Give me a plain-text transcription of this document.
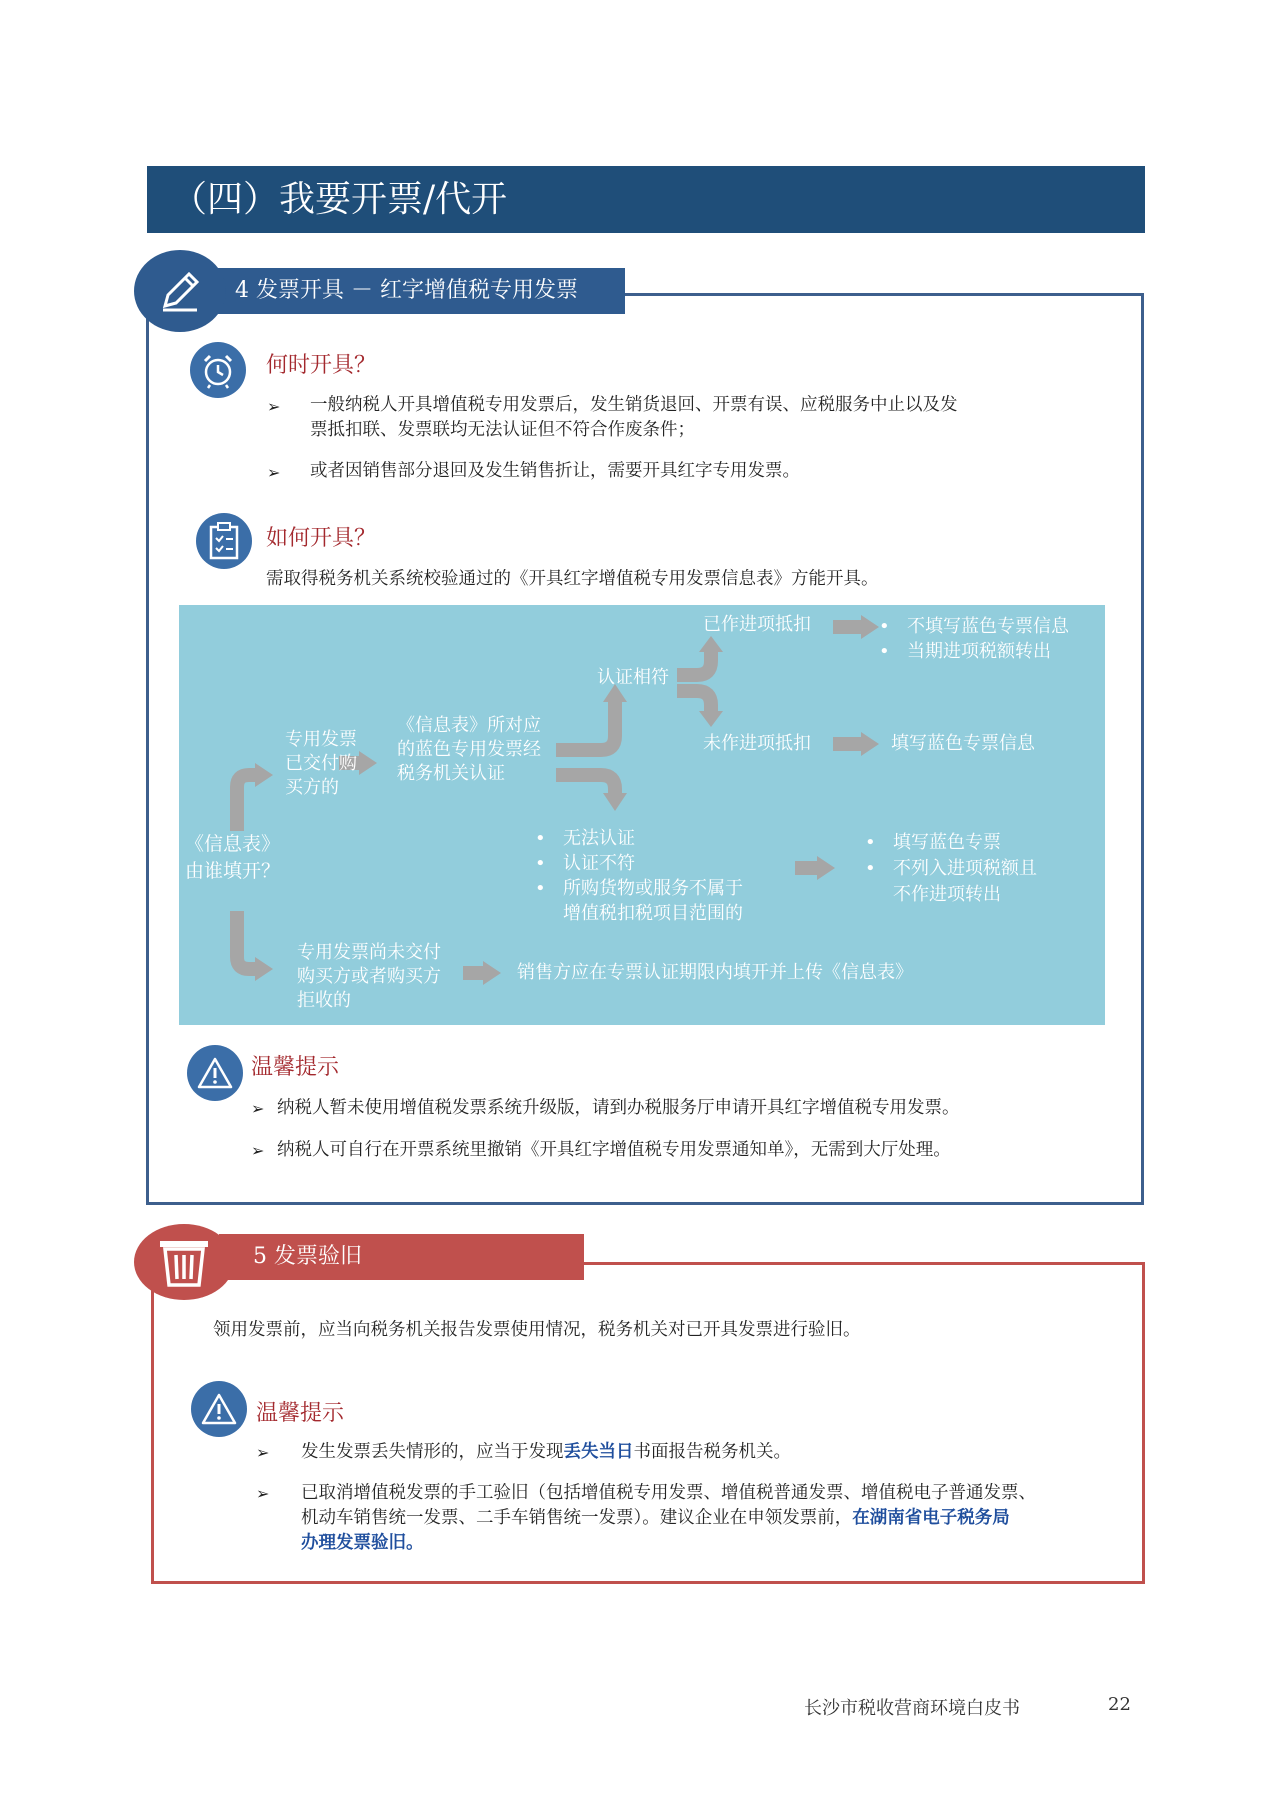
（四）我要开票/代开
4 发票开具 － 红字增值税专用发票
何时开具？
➢ 一般纳税人开具增值税专用发票后，发生销货退回、开票有误、应税服务中止以及发
票抵扣联、发票联均无法认证但不符合作废条件；
➢ 或者因销售部分退回及发生销售折让，需要开具红字专用发票。
如何开具？
需取得税务机关系统校验通过的《开具红字增值税专用发票信息表》方能开具。
《信息表》
由谁填开？
专用发票
已交付购
买方的
《信息表》所对应
的蓝色专用发票经
税务机关认证
认证相符
已作进项抵扣	• 不填写蓝色专票信息
• 当期进项税额转出
未作进项抵扣	填写蓝色专票信息
• 无法认证
• 认证不符
• 所购货物或服务不属于
增值税扣税项目范围的
• 填写蓝色专票
• 不列入进项税额且
不作进项转出
专用发票尚未交付
购买方或者购买方
拒收的
销售方应在专票认证期限内填开并上传《信息表》
温馨提示
➢ 纳税人暂未使用增值税发票系统升级版，请到办税服务厅申请开具红字增值税专用发票。
➢ 纳税人可自行在开票系统里撤销《开具红字增值税专用发票通知单》，无需到大厅处理。
5 发票验旧
领用发票前，应当向税务机关报告发票使用情况，税务机关对已开具发票进行验旧。
温馨提示
➢ 发生发票丢失情形的，应当于发现丢失当日书面报告税务机关。
➢ 已取消增值税发票的手工验旧（包括增值税专用发票、增值税普通发票、增值税电子普通发票、
机动车销售统一发票、二手车销售统一发票）。建议企业在申领发票前，在湖南省电子税务局
办理发票验旧。
长沙市税收营商环境白皮书	22
